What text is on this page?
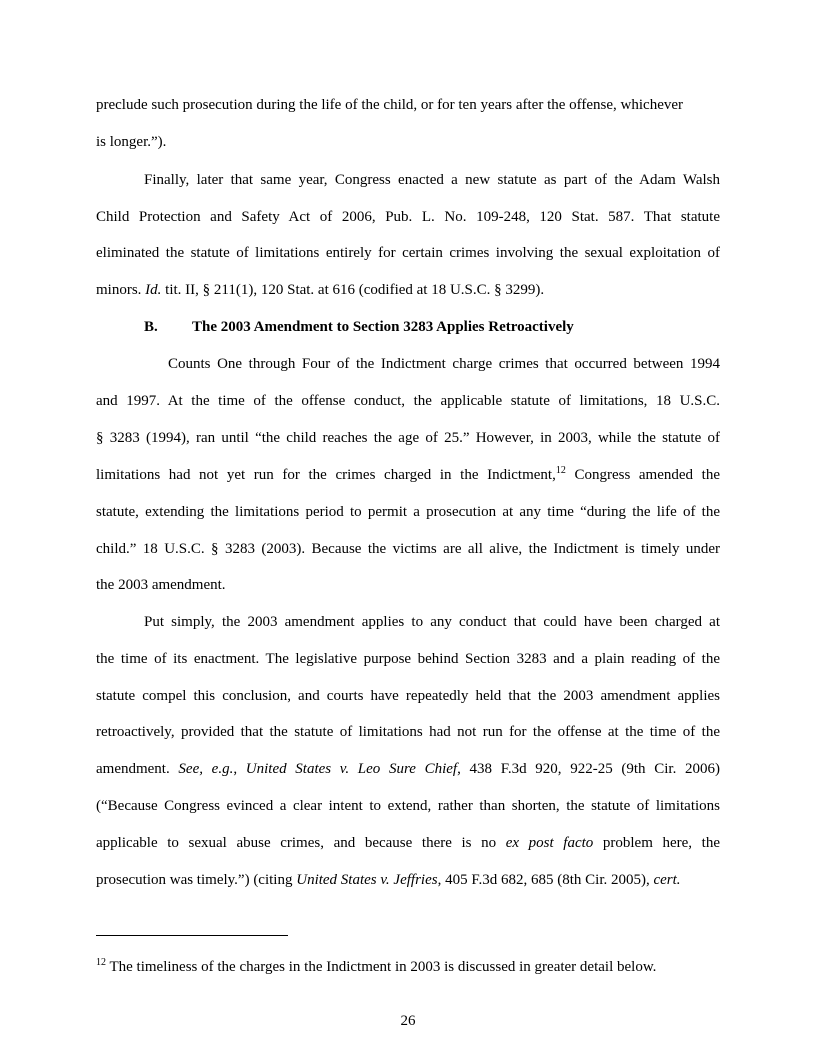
preclude such prosecution during the life of the child, or for ten years after the offense, whichever

is longer.”).

Finally, later that same year, Congress enacted a new statute as part of the Adam Walsh

Child Protection and Safety Act of 2006, Pub. L. No. 109-248, 120 Stat. 587. That statute

eliminated the statute of limitations entirely for certain crimes involving the sexual exploitation of

minors. Id. tit. II, § 211(1), 120 Stat. at 616 (codified at 18 U.S.C. § 3299).

B. The 2003 Amendment to Section 3283 Applies Retroactively

Counts One through Four of the Indictment charge crimes that occurred between 1994

and 1997. At the time of the offense conduct, the applicable statute of limitations, 18 U.S.C.

§ 3283 (1994), ran until “the child reaches the age of 25.” However, in 2003, while the statute of

limitations had not yet run for the crimes charged in the Indictment,$^{12}$ Congress amended the

statute, extending the limitations period to permit a prosecution at any time “during the life of the

child.” 18 U.S.C. § 3283 (2003). Because the victims are all alive, the Indictment is timely under

the 2003 amendment.

Put simply, the 2003 amendment applies to any conduct that could have been charged at

the time of its enactment. The legislative purpose behind Section 3283 and a plain reading of the

statute compel this conclusion, and courts have repeatedly held that the 2003 amendment applies

retroactively, provided that the statute of limitations had not run for the offense at the time of the

amendment. See, e.g., United States v. Leo Sure Chief, 438 F.3d 920, 922-25 (9th Cir. 2006)

(“Because Congress evinced a clear intent to extend, rather than shorten, the statute of limitations

applicable to sexual abuse crimes, and because there is no ex post facto problem here, the

prosecution was timely.”) (citing United States v. Jeffries, 405 F.3d 682, 685 (8th Cir. 2005), cert.

$^{12}$ The timeliness of the charges in the Indictment in 2003 is discussed in greater detail below.

26
